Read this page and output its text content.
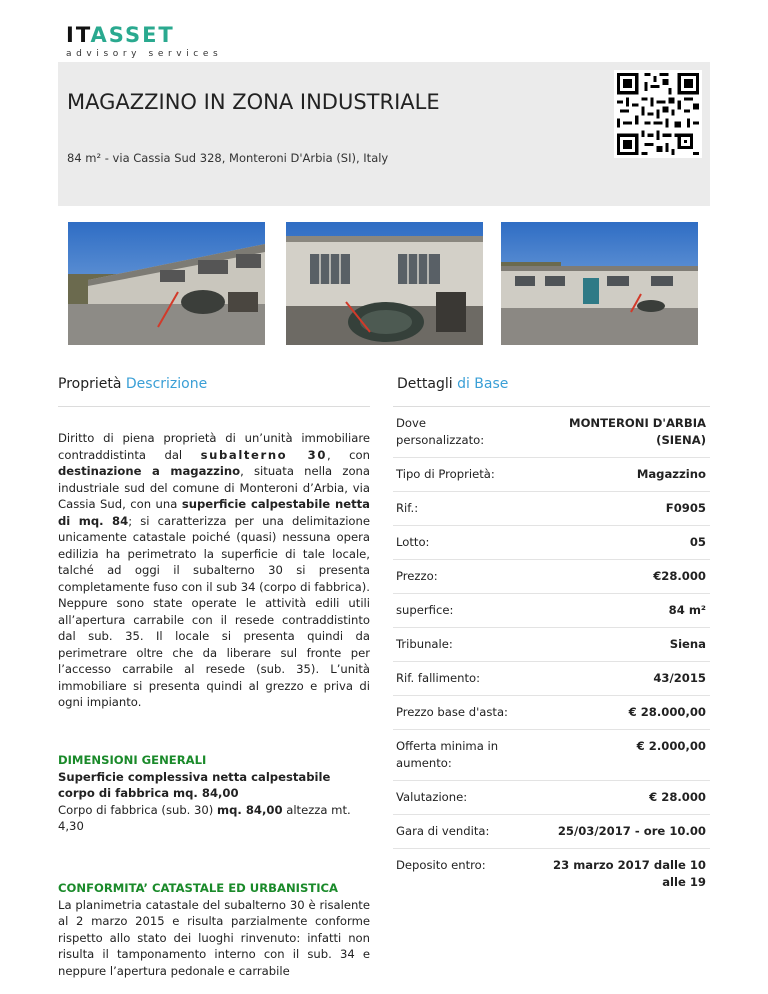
ITASSET
advisory services
MAGAZZINO IN ZONA INDUSTRIALE
84 m² - via Cassia Sud 328, Monteroni D'Arbia (SI), Italy
Proprietà Descrizione	Dettagli di Base
Diritto di piena proprietà di un’unità immobiliare contraddistinta dal subalterno 30, con destinazione a magazzino, situata nella zona industriale sud del comune di Monteroni d’Arbia, via Cassia Sud, con una superficie calpestabile netta di mq. 84; si caratterizza per una delimitazione unicamente catastale poiché (quasi) nessuna opera edilizia ha perimetrato la superficie di tale locale, talché ad oggi il subalterno 30 si presenta completamente fuso con il sub 34 (corpo di fabbrica). Neppure sono state operate le attività edili utili all’apertura carrabile con il resede contraddistinto dal sub. 35. Il locale si presenta quindi da perimetrare oltre che da liberare sul fronte per l’accesso carrabile al resede (sub. 35). L’unità immobiliare si presenta quindi al grezzo e priva di ogni impianto.
DIMENSIONI GENERALI
Superficie complessiva netta calpestabile corpo di fabbrica mq. 84,00
Corpo di fabbrica (sub. 30) mq. 84,00 altezza mt. 4,30
CONFORMITA’ CATASTALE ED URBANISTICA
La planimetria catastale del subalterno 30 è risalente al 2 marzo 2015 e risulta parzialmente conforme rispetto allo stato dei luoghi rinvenuto: infatti non risulta il tamponamento interno con il sub. 34 e neppure l’apertura pedonale e carrabile
Dove personalizzato:
MONTERONI D'ARBIA (SIENA)
Tipo di Proprietà:	Magazzino
Rif.:	F0905
Lotto:	05
Prezzo:	€28.000
superfice:	84 m²
Tribunale:	Siena
Rif. fallimento:	43/2015
Prezzo base d'asta:	€ 28.000,00
Offerta minima in aumento:
€ 2.000,00
Valutazione:	€ 28.000
Gara di vendita:	25/03/2017 - ore 10.00
Deposito entro:	23 marzo 2017 dalle 10 alle 19
